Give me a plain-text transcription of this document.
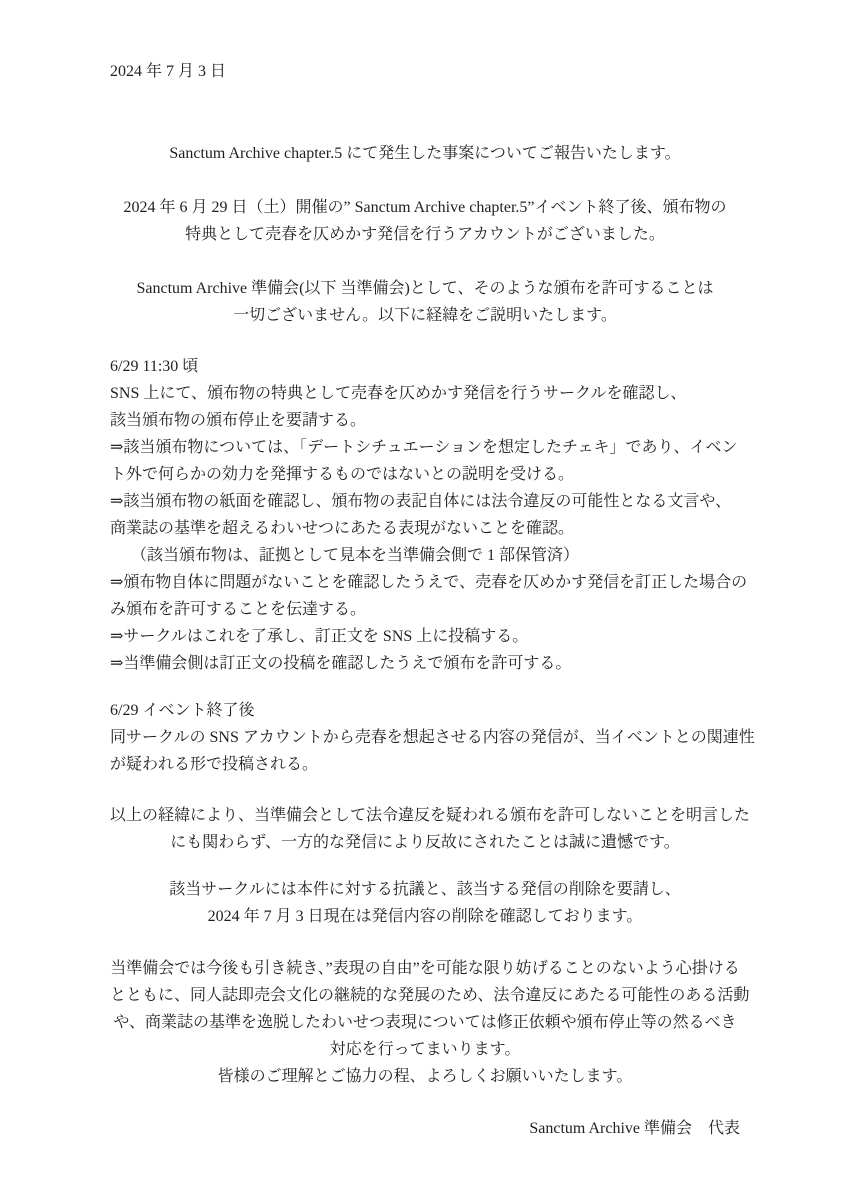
2024 年 7 月 3 日
Sanctum Archive chapter.5 にて発生した事案についてご報告いたします。
2024 年 6 月 29 日（土）開催の” Sanctum Archive chapter.5”イベント終了後、頒布物の
特典として売春を仄めかす発信を行うアカウントがございました。
Sanctum Archive 準備会(以下 当準備会)として、そのような頒布を許可することは
一切ございません。以下に経緯をご説明いたします。
6/29 11:30 頃
SNS 上にて、頒布物の特典として売春を仄めかす発信を行うサークルを確認し、
該当頒布物の頒布停止を要請する。
⇒該当頒布物については、「デートシチュエーションを想定したチェキ」であり、イベン
ト外で何らかの効力を発揮するものではないとの説明を受ける。
⇒該当頒布物の紙面を確認し、頒布物の表記自体には法令違反の可能性となる文言や、
商業誌の基準を超えるわいせつにあたる表現がないことを確認。
（該当頒布物は、証拠として見本を当準備会側で 1 部保管済）
⇒頒布物自体に問題がないことを確認したうえで、売春を仄めかす発信を訂正した場合の
み頒布を許可することを伝達する。
⇒サークルはこれを了承し、訂正文を SNS 上に投稿する。
⇒当準備会側は訂正文の投稿を確認したうえで頒布を許可する。
6/29 イベント終了後
同サークルの SNS アカウントから売春を想起させる内容の発信が、当イベントとの関連性
が疑われる形で投稿される。
以上の経緯により、当準備会として法令違反を疑われる頒布を許可しないことを明言した
にも関わらず、一方的な発信により反故にされたことは誠に遺憾です。
該当サークルには本件に対する抗議と、該当する発信の削除を要請し、
2024 年 7 月 3 日現在は発信内容の削除を確認しております。
当準備会では今後も引き続き、”表現の自由”を可能な限り妨げることのないよう心掛ける
とともに、同人誌即売会文化の継続的な発展のため、法令違反にあたる可能性のある活動
や、商業誌の基準を逸脱したわいせつ表現については修正依頼や頒布停止等の然るべき
対応を行ってまいります。
皆様のご理解とご協力の程、よろしくお願いいたします。
Sanctum Archive 準備会　代表
